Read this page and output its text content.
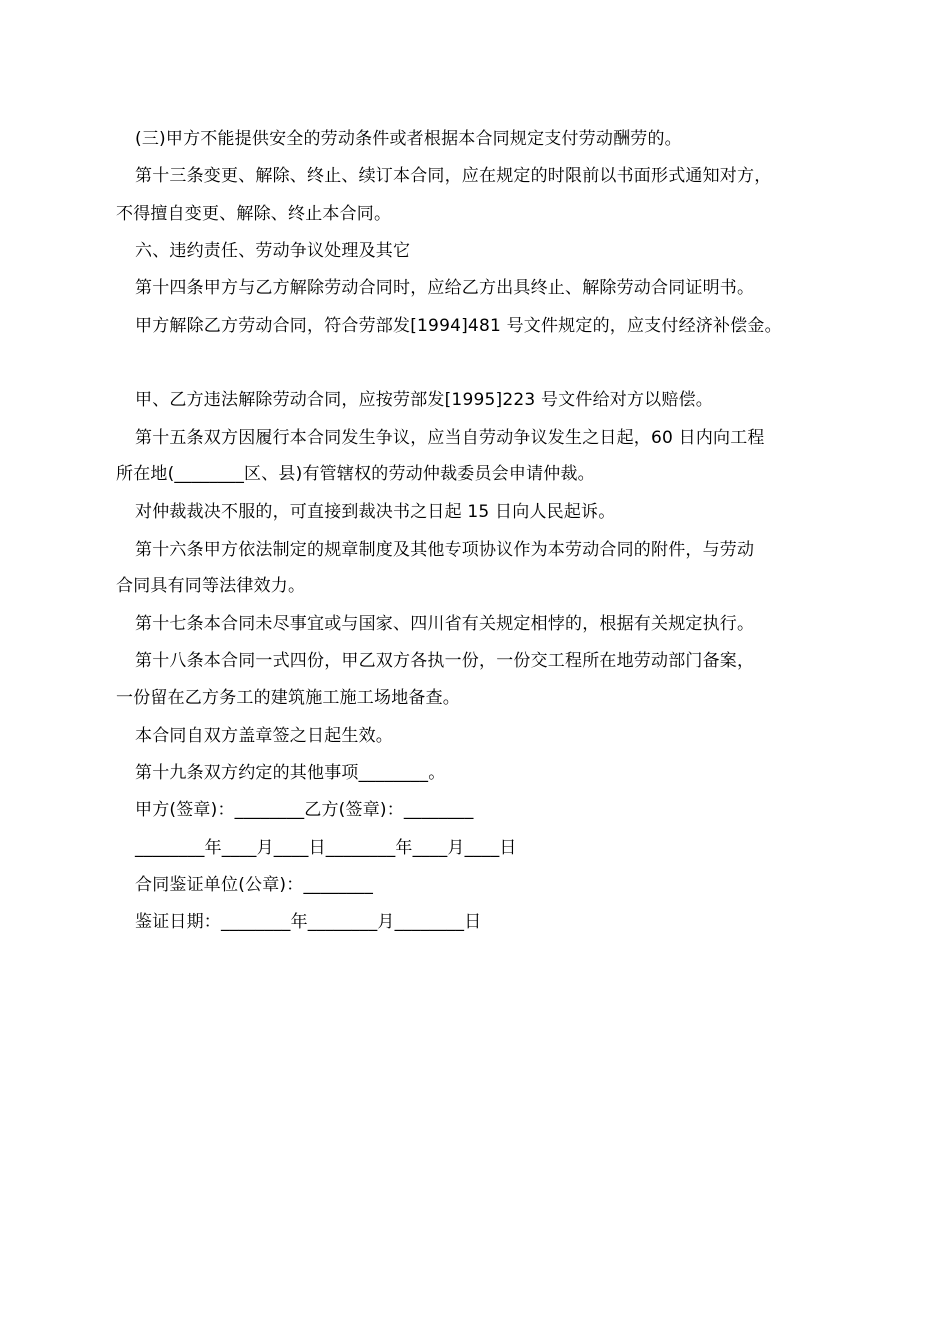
(三)甲方不能提供安全的劳动条件或者根据本合同规定支付劳动酬劳的。
第十三条变更、解除、终止、续订本合同，应在规定的时限前以书面形式通知对方，
不得擅自变更、解除、终止本合同。
六、违约责任、劳动争议处理及其它
第十四条甲方与乙方解除劳动合同时，应给乙方出具终止、解除劳动合同证明书。
甲方解除乙方劳动合同，符合劳部发[1994]481 号文件规定的，应支付经济补偿金。
甲、乙方违法解除劳动合同，应按劳部发[1995]223 号文件给对方以赔偿。
第十五条双方因履行本合同发生争议，应当自劳动争议发生之日起，60 日内向工程
所在地(________区、县)有管辖权的劳动仲裁委员会申请仲裁。
对仲裁裁决不服的，可直接到裁决书之日起 15 日向人民起诉。
第十六条甲方依法制定的规章制度及其他专项协议作为本劳动合同的附件，与劳动
合同具有同等法律效力。
第十七条本合同未尽事宜或与国家、四川省有关规定相悖的，根据有关规定执行。
第十八条本合同一式四份，甲乙双方各执一份，一份交工程所在地劳动部门备案，
一份留在乙方务工的建筑施工施工场地备查。
本合同自双方盖章签之日起生效。
第十九条双方约定的其他事项________。
甲方(签章)：________乙方(签章)：________
________年____月____日________年____月____日
合同鉴证单位(公章)：________
鉴证日期：________年________月________日
